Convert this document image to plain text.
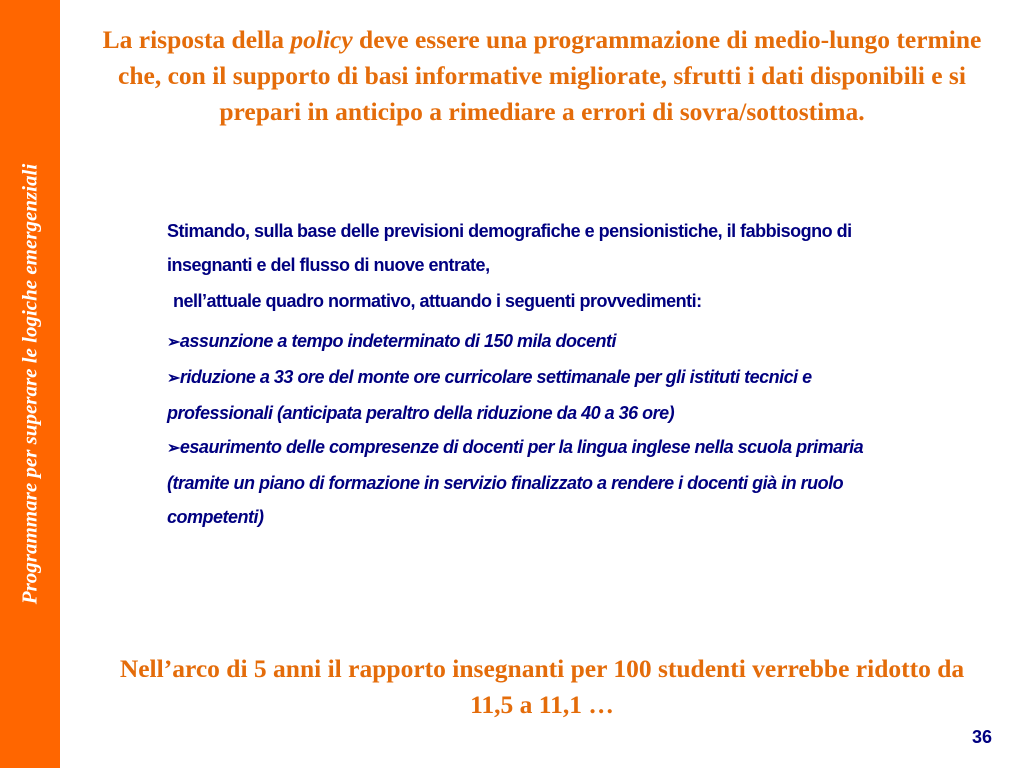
Programmare per superare le logiche emergenziali
La risposta della policy deve essere una programmazione di medio-lungo termine che, con il supporto di basi informative migliorate, sfrutti i dati disponibili e si prepari in anticipo a rimediare a errori di sovra/sottostima.

Stimando, sulla base delle previsioni demografiche e pensionistiche, il fabbisogno di insegnanti e del flusso di nuove entrate,

nell’attuale quadro normativo, attuando i seguenti provvedimenti:

➢assunzione a tempo indeterminato di 150 mila docenti
➢riduzione a 33 ore del monte ore curricolare settimanale per gli istituti tecnici e professionali (anticipata peraltro della riduzione da 40 a 36 ore)
➢esaurimento delle compresenze di docenti per la lingua inglese nella scuola primaria (tramite un piano di formazione in servizio finalizzato a rendere i docenti già in ruolo competenti)
Nell’arco di 5 anni il rapporto insegnanti per 100 studenti verrebbe ridotto da 11,5 a 11,1 …
36
